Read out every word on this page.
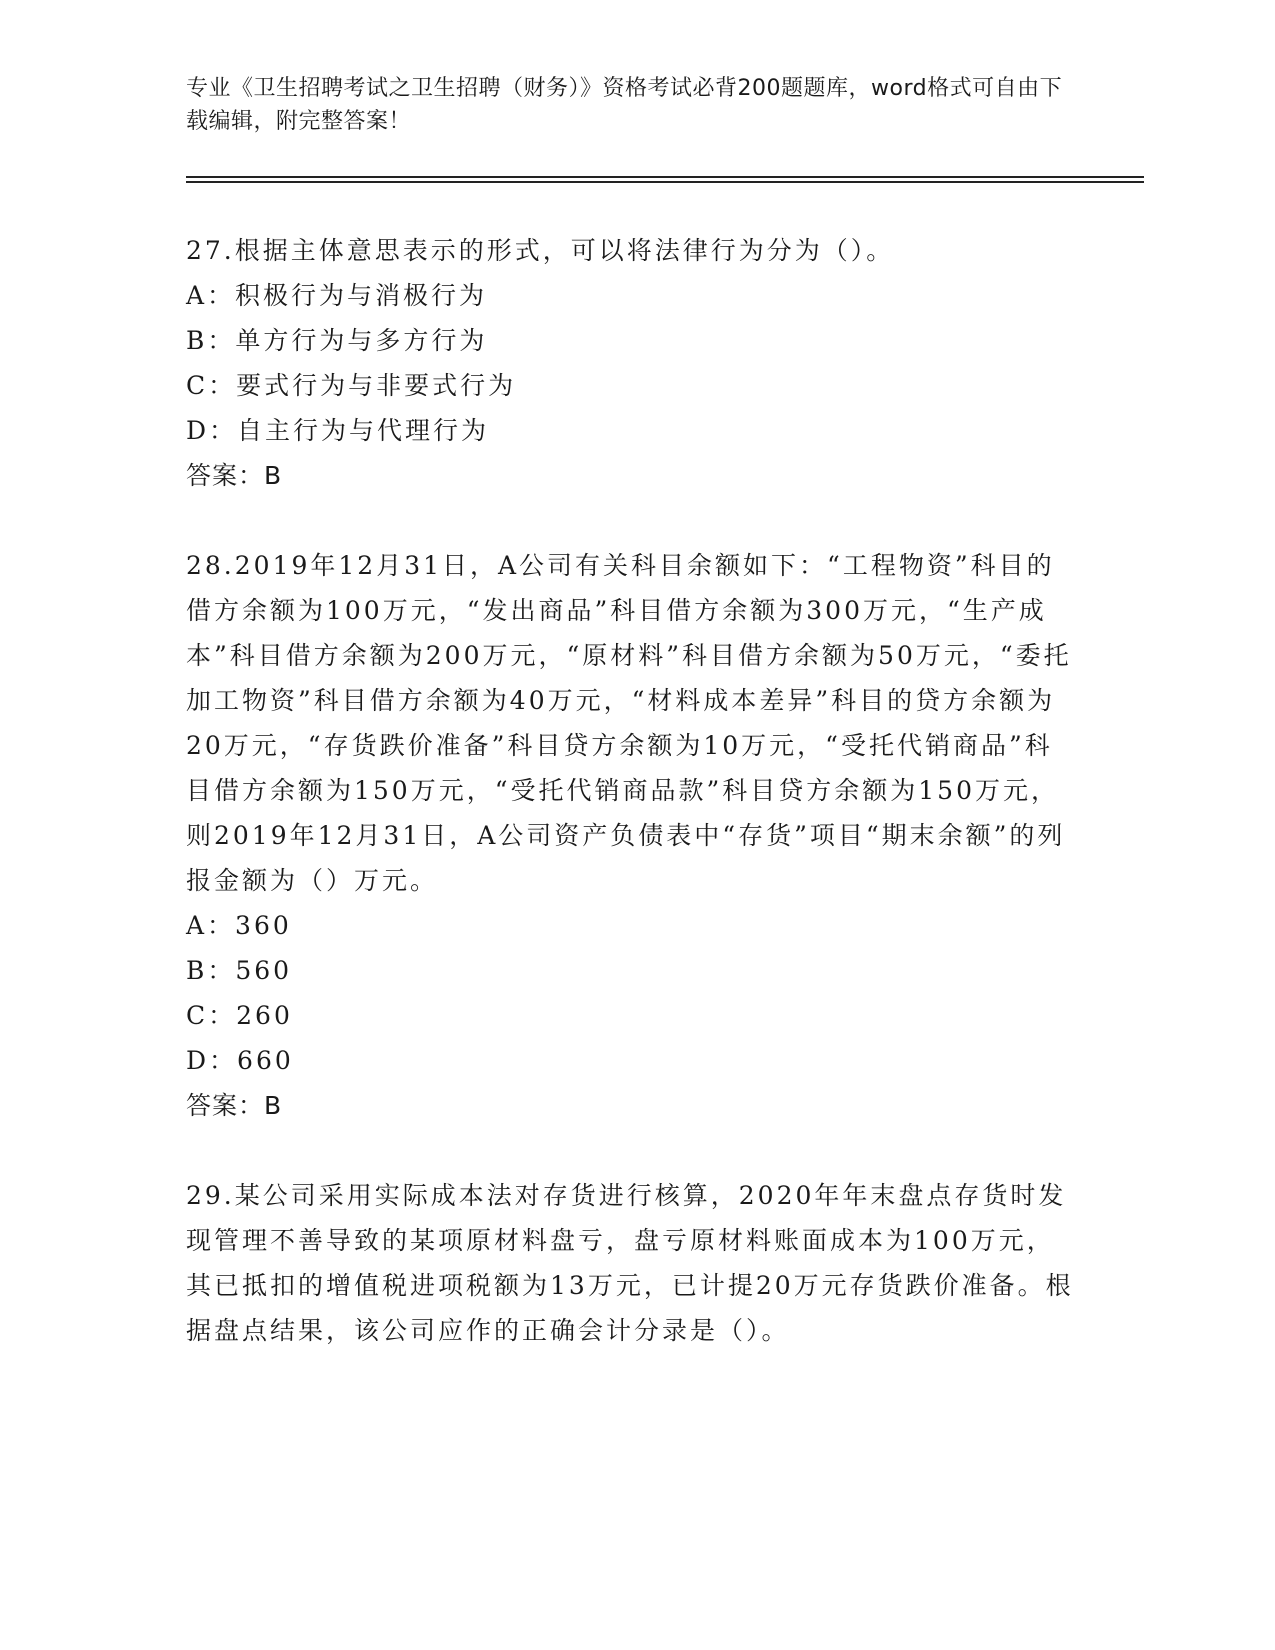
专业《卫生招聘考试之卫生招聘（财务）》资格考试必背200题题库，word格式可自由下载编辑，附完整答案！

27.根据主体意思表示的形式，可以将法律行为分为（）。

A：积极行为与消极行为

B：单方行为与多方行为

C：要式行为与非要式行为

D：自主行为与代理行为

答案：B

28.2019年12月31日，A公司有关科目余额如下：“工程物资”科目的借方余额为100万元，“发出商品”科目借方余额为300万元，“生产成本”科目借方余额为200万元，“原材料”科目借方余额为50万元，“委托加工物资”科目借方余额为40万元，“材料成本差异”科目的贷方余额为20万元，“存货跌价准备”科目贷方余额为10万元，“受托代销商品”科目借方余额为150万元，“受托代销商品款”科目贷方余额为150万元，则2019年12月31日，A公司资产负债表中“存货”项目“期末余额”的列报金额为（）万元。

A：360

B：560

C：260

D：660

答案：B

29.某公司采用实际成本法对存货进行核算，2020年年末盘点存货时发现管理不善导致的某项原材料盘亏，盘亏原材料账面成本为100万元，其已抵扣的增值税进项税额为13万元，已计提20万元存货跌价准备。根据盘点结果，该公司应作的正确会计分录是（）。
